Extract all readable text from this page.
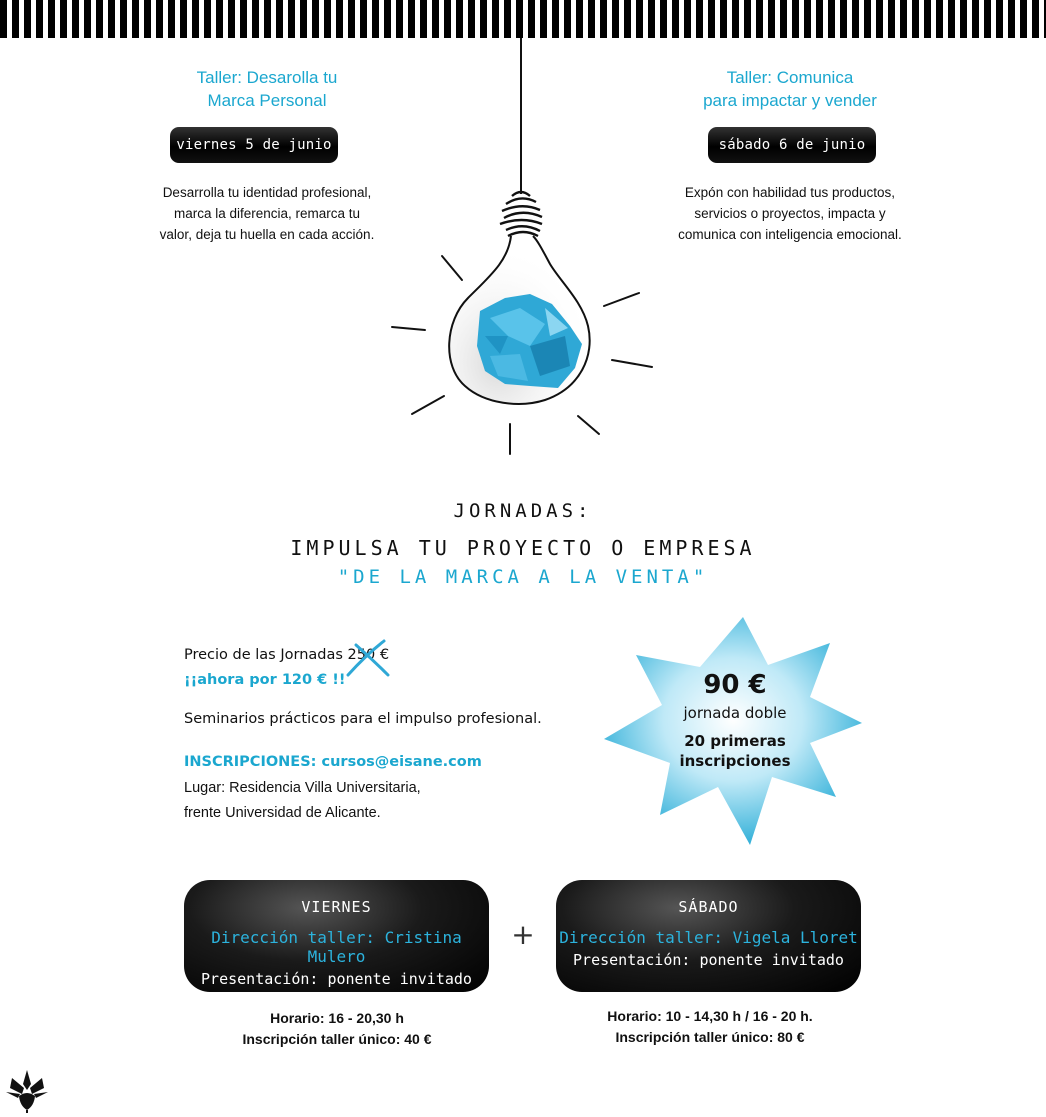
Taller: Desarolla tu
Marca Personal
viernes 5 de junio
Desarrolla tu identidad profesional,
marca la diferencia, remarca tu
valor, deja tu huella en cada acción.
Taller: Comunica
para impactar y vender
sábado 6 de junio
Expón con habilidad tus productos,
servicios o proyectos, impacta y
comunica con inteligencia emocional.
JORNADAS:
IMPULSA TU PROYECTO O EMPRESA
"DE LA MARCA A LA VENTA"
Precio de las Jornadas 250 €
¡¡ahora por 120 € !!
Seminarios prácticos para el impulso profesional.
INSCRIPCIONES: cursos@eisane.com
Lugar: Residencia Villa Universitaria,
frente Universidad de Alicante.
90 €
jornada doble
20 primeras
inscripciones
VIERNES
Dirección taller: Cristina Mulero
Presentación: ponente invitado
+
SÁBADO
Dirección taller: Vigela Lloret
Presentación: ponente invitado
Horario: 16 - 20,30 h
Inscripción taller único: 40 €
Horario: 10 - 14,30 h / 16 - 20 h.
Inscripción taller único: 80 €
